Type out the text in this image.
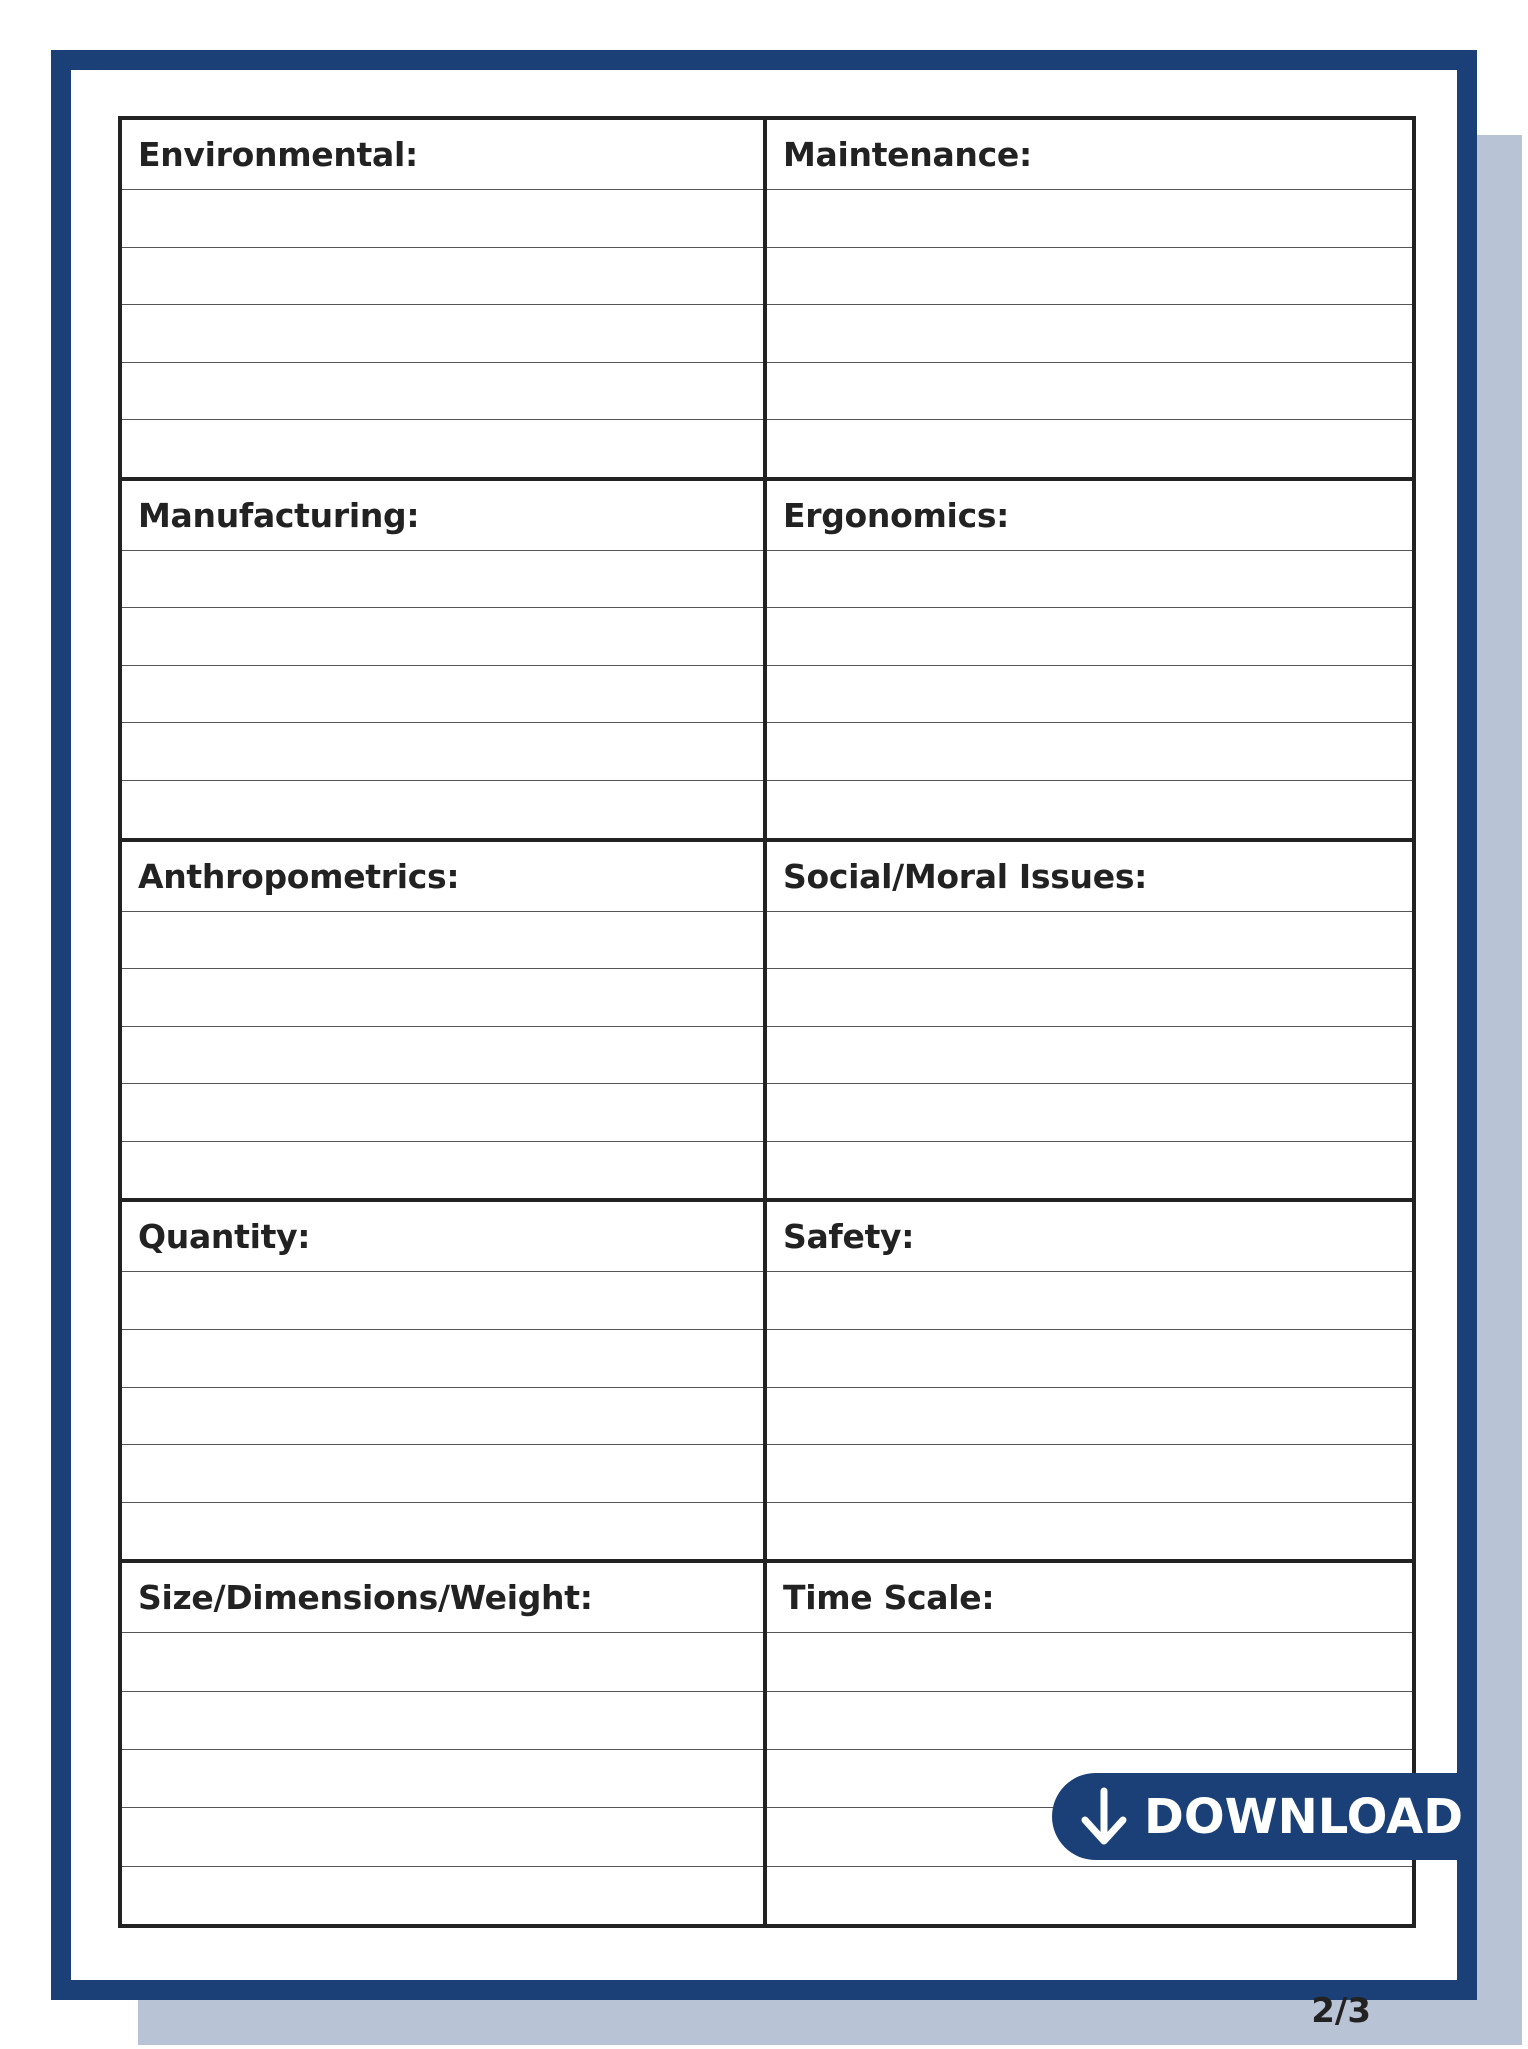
Environmental:	Maintenance:
Manufacturing:	Ergonomics:
Anthropometrics:	Social/Moral Issues:
Quantity:	Safety:
Size/Dimensions/Weight:	Time Scale:
2/3
DOWNLOAD
